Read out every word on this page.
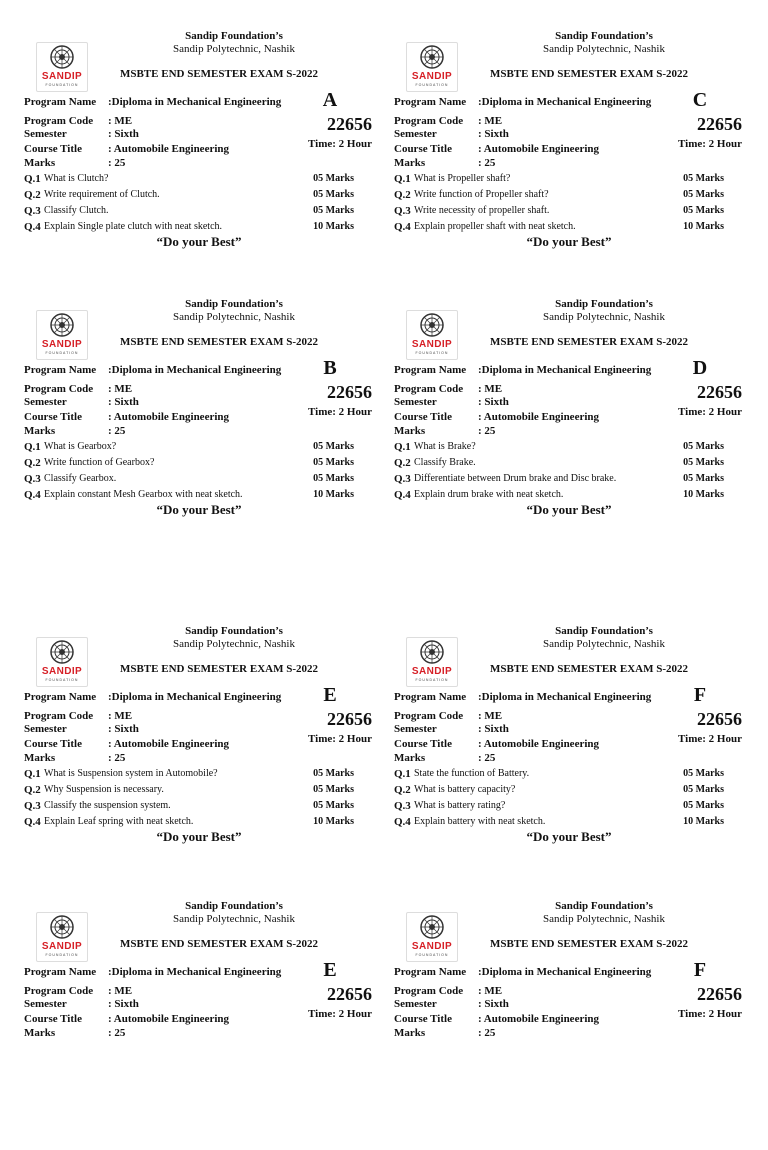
SANDIP
FOUNDATION
Sandip Foundation’s
Sandip Polytechnic, Nashik
MSBTE END SEMESTER EXAM S-2022
Program Name :Diploma in Mechanical Engineering	A
Program Code : ME
Semester	: Sixth	22656
Course Title : Automobile Engineering	Time: 2 Hour
Marks	: 25
Q.1 What is Clutch?	05 Marks
Q.2 Write requirement of Clutch.	05 Marks
Q.3 Classify Clutch.	05 Marks
Q.4 Explain Single plate clutch with neat sketch.	10 Marks
“Do your Best”
SANDIP
FOUNDATION
Sandip Foundation’s
Sandip Polytechnic, Nashik
MSBTE END SEMESTER EXAM S-2022
Program Name :Diploma in Mechanical Engineering	C
Program Code : ME
Semester	: Sixth	22656
Course Title : Automobile Engineering	Time: 2 Hour
Marks	: 25
Q.1 What is Propeller shaft?	05 Marks
Q.2 Write function of Propeller shaft?	05 Marks
Q.3 Write necessity of propeller shaft.	05 Marks
Q.4 Explain propeller shaft with neat sketch.	10 Marks
“Do your Best”
SANDIP
FOUNDATION
Sandip Foundation’s
Sandip Polytechnic, Nashik
MSBTE END SEMESTER EXAM S-2022
Program Name :Diploma in Mechanical Engineering	B
Program Code : ME
Semester	: Sixth	22656
Course Title : Automobile Engineering	Time: 2 Hour
Marks	: 25
Q.1 What is Gearbox?	05 Marks
Q.2 Write function of Gearbox?	05 Marks
Q.3 Classify Gearbox.	05 Marks
Q.4 Explain constant Mesh Gearbox with neat sketch.	10 Marks
“Do your Best”
SANDIP
FOUNDATION
Sandip Foundation’s
Sandip Polytechnic, Nashik
MSBTE END SEMESTER EXAM S-2022
Program Name :Diploma in Mechanical Engineering	D
Program Code : ME
Semester	: Sixth	22656
Course Title : Automobile Engineering	Time: 2 Hour
Marks	: 25
Q.1 What is Brake?	05 Marks
Q.2 Classify Brake.	05 Marks
Q.3 Differentiate between Drum brake and Disc brake.	05 Marks
Q.4 Explain drum brake with neat sketch.	10 Marks
“Do your Best”
SANDIP
FOUNDATION
Sandip Foundation’s
Sandip Polytechnic, Nashik
MSBTE END SEMESTER EXAM S-2022
Program Name :Diploma in Mechanical Engineering	E
Program Code : ME
Semester	: Sixth	22656
Course Title : Automobile Engineering	Time: 2 Hour
Marks	: 25
Q.1 What is Suspension system in Automobile?	05 Marks
Q.2 Why Suspension is necessary.	05 Marks
Q.3 Classify the suspension system.	05 Marks
Q.4 Explain Leaf spring with neat sketch.	10 Marks
“Do your Best”
SANDIP
FOUNDATION
Sandip Foundation’s
Sandip Polytechnic, Nashik
MSBTE END SEMESTER EXAM S-2022
Program Name :Diploma in Mechanical Engineering	F
Program Code : ME
Semester	: Sixth	22656
Course Title : Automobile Engineering	Time: 2 Hour
Marks	: 25
Q.1 State the function of Battery.	05 Marks
Q.2 What is battery capacity?	05 Marks
Q.3 What is battery rating?	05 Marks
Q.4 Explain battery with neat sketch.	10 Marks
“Do your Best”
SANDIP
FOUNDATION
Sandip Foundation’s
Sandip Polytechnic, Nashik
MSBTE END SEMESTER EXAM S-2022
Program Name :Diploma in Mechanical Engineering	E
Program Code : ME
Semester	: Sixth	22656
Course Title : Automobile Engineering	Time: 2 Hour
Marks	: 25
SANDIP
FOUNDATION
Sandip Foundation’s
Sandip Polytechnic, Nashik
MSBTE END SEMESTER EXAM S-2022
Program Name :Diploma in Mechanical Engineering	F
Program Code : ME
Semester	: Sixth	22656
Course Title : Automobile Engineering	Time: 2 Hour
Marks	: 25
